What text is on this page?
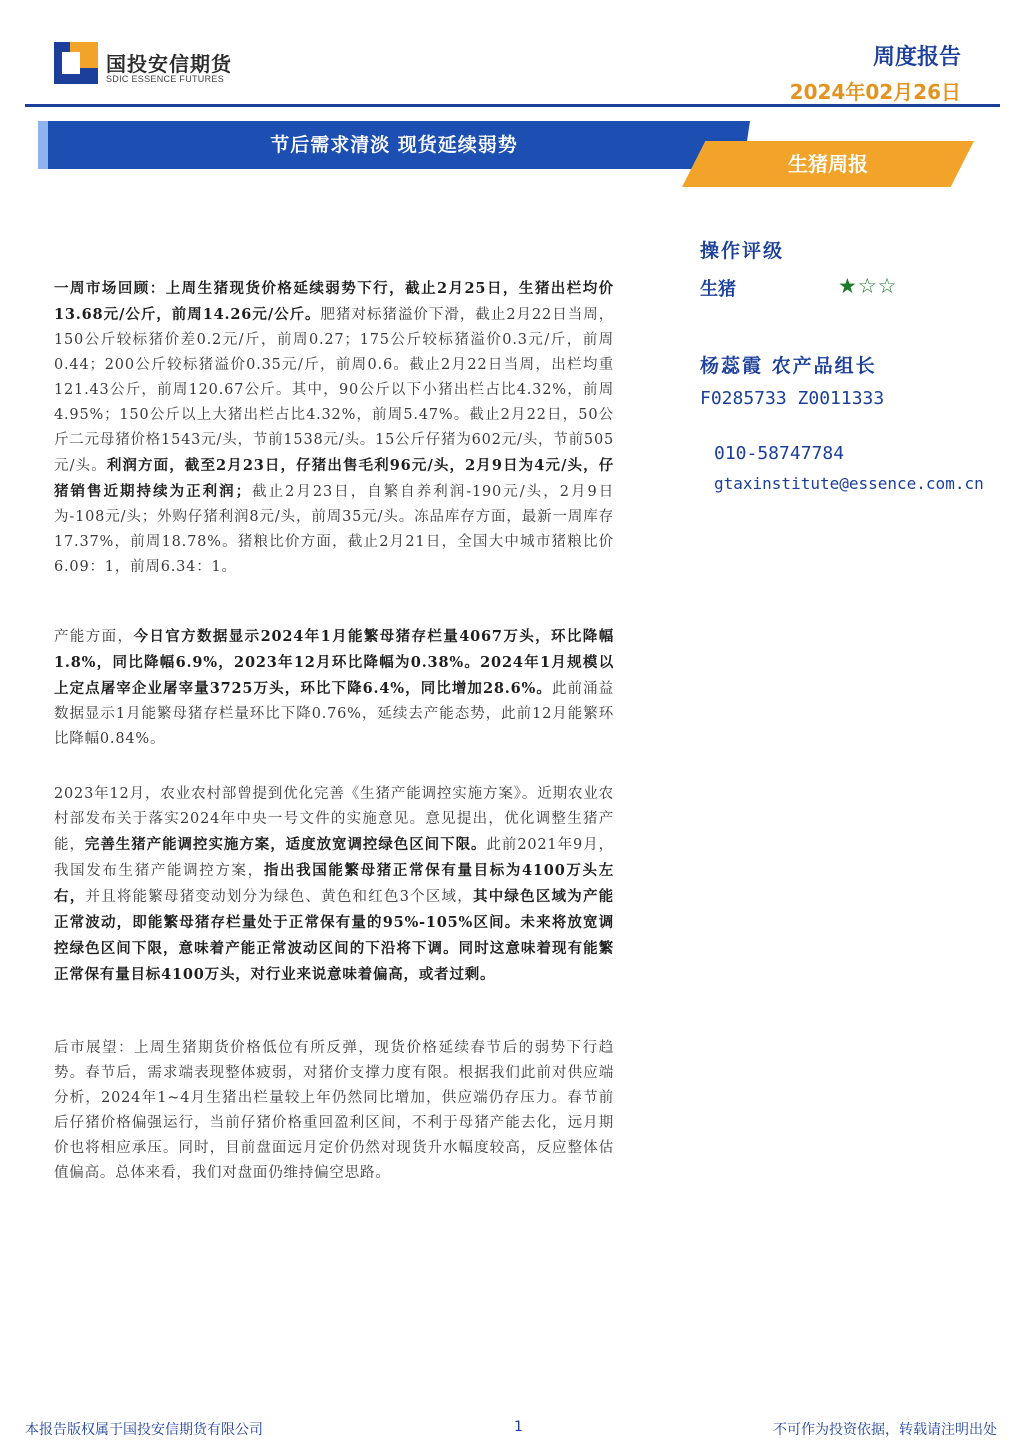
国投安信期货
SDIC ESSENCE FUTURES
周度报告
2024年02月26日
节后需求清淡 现货延续弱势
生猪周报

一周市场回顾：上周生猪现货价格延续弱势下行，截止2月25日，生猪出栏均价13.68元/公斤，前周14.26元/公斤。肥猪对标猪溢价下滑，截止2月22日当周，150公斤较标猪价差0.2元/斤，前周0.27；175公斤较标猪溢价0.3元/斤，前周0.44；200公斤较标猪溢价0.35元/斤，前周0.6。截止2月22日当周，出栏均重121.43公斤，前周120.67公斤。其中，90公斤以下小猪出栏占比4.32%，前周4.95%；150公斤以上大猪出栏占比4.32%，前周5.47%。截止2月22日，50公斤二元母猪价格1543元/头，节前1538元/头。15公斤仔猪为602元/头，节前505元/头。利润方面，截至2月23日，仔猪出售毛利96元/头，2月9日为4元/头，仔猪销售近期持续为正利润；截止2月23日，自繁自养利润-190元/头，2月9日为-108元/头；外购仔猪利润8元/头，前周35元/头。冻品库存方面，最新一周库存17.37%，前周18.78%。猪粮比价方面，截止2月21日，全国大中城市猪粮比价6.09：1，前周6.34：1。

产能方面，今日官方数据显示2024年1月能繁母猪存栏量4067万头，环比降幅1.8%，同比降幅6.9%，2023年12月环比降幅为0.38%。2024年1月规模以上定点屠宰企业屠宰量3725万头，环比下降6.4%，同比增加28.6%。此前涌益数据显示1月能繁母猪存栏量环比下降0.76%，延续去产能态势，此前12月能繁环比降幅0.84%。

2023年12月，农业农村部曾提到优化完善《生猪产能调控实施方案》。近期农业农村部发布关于落实2024年中央一号文件的实施意见。意见提出，优化调整生猪产能，完善生猪产能调控实施方案，适度放宽调控绿色区间下限。此前2021年9月，我国发布生猪产能调控方案，指出我国能繁母猪正常保有量目标为4100万头左右，并且将能繁母猪变动划分为绿色、黄色和红色3个区域，其中绿色区域为产能正常波动，即能繁母猪存栏量处于正常保有量的95%-105%区间。未来将放宽调控绿色区间下限，意味着产能正常波动区间的下沿将下调。同时这意味着现有能繁正常保有量目标4100万头，对行业来说意味着偏高，或者过剩。

后市展望：上周生猪期货价格低位有所反弹，现货价格延续春节后的弱势下行趋势。春节后，需求端表现整体疲弱，对猪价支撑力度有限。根据我们此前对供应端分析，2024年1~4月生猪出栏量较上年仍然同比增加，供应端仍存压力。春节前后仔猪价格偏强运行，当前仔猪价格重回盈利区间，不利于母猪产能去化，远月期价也将相应承压。同时，目前盘面远月定价仍然对现货升水幅度较高，反应整体估值偏高。总体来看，我们对盘面仍维持偏空思路。

操作评级
生猪	★☆☆
杨蕊霞 农产品组长
F0285733 Z0011333
010-58747784
gtaxinstitute@essence.com.cn
本报告版权属于国投安信期货有限公司	1	不可作为投资依据，转载请注明出处
